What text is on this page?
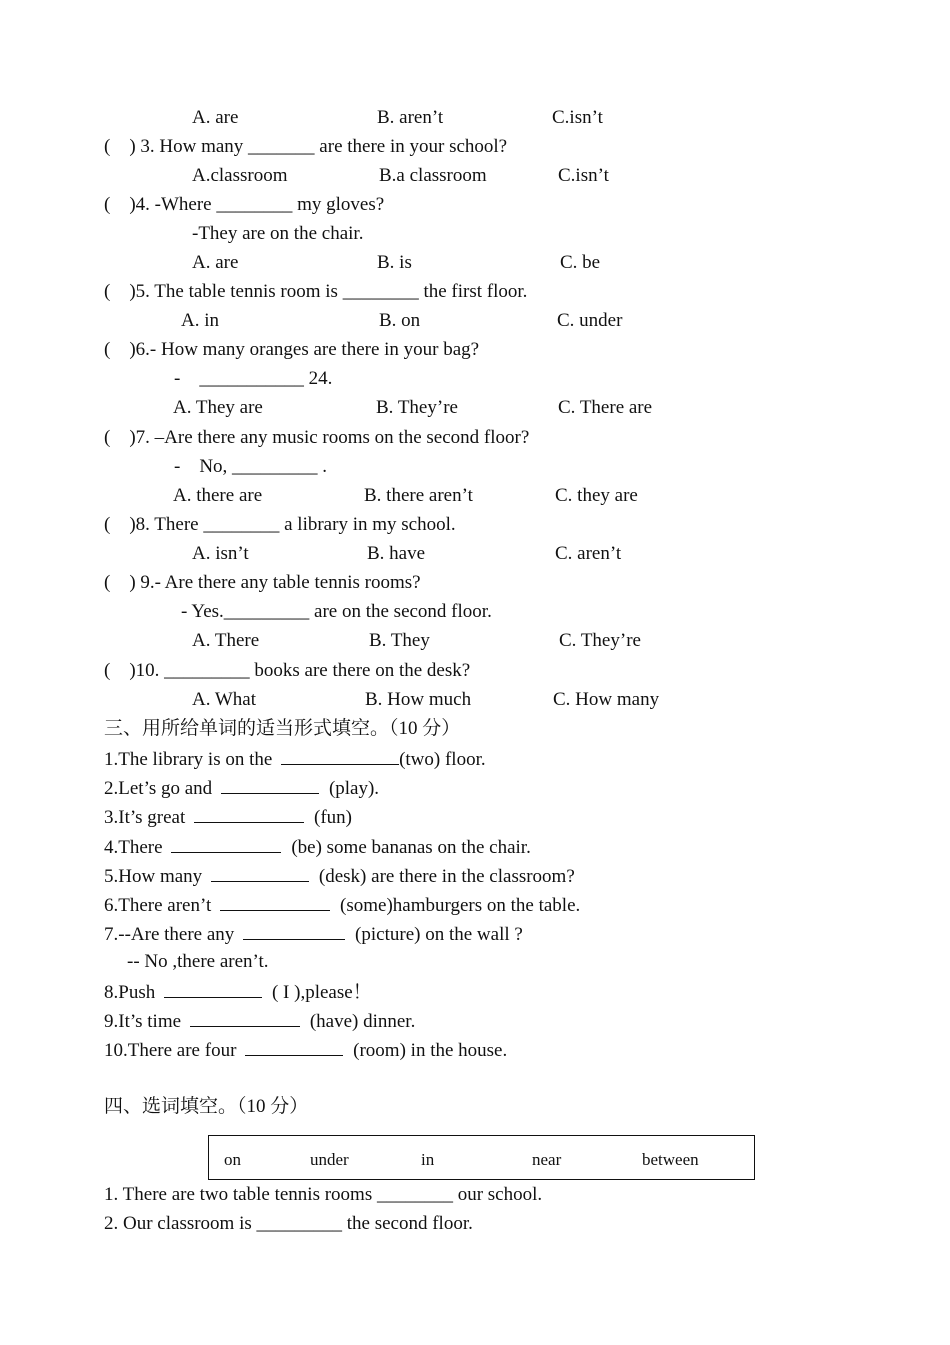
A. are	B. aren’t	C.isn’t
(    ) 3. How many _______ are there in your school?
A.classroom	B.a classroom	C.isn’t
(    )4. -Where ________ my gloves?
-They are on the chair.
A. are	B. is	C. be
(    )5. The table tennis room is ________ the first floor.
A. in	B. on	C. under
(    )6.- How many oranges are there in your bag?
-    ___________ 24.
A. They are	B. They’re	C. There are
(    )7. –Are there any music rooms on the second floor?
-    No, _________ .
A. there are	B. there aren’t	C. they are
(    )8. There ________ a library in my school.
A. isn’t	B. have	C. aren’t
(    ) 9.- Are there any table tennis rooms?
- Yes._________ are on the second floor.
A. There	B. They	C. They’re
(    )10. _________ books are there on the desk?
A. What	B. How much	C. How many
三、用所给单词的适当形式填空。（10 分）
1.The library is on the	(two) floor.
2.Let’s go and	(play).
3.It’s great	(fun)
4.There	(be) some bananas on the chair.
5.How many	(desk) are there in the classroom?
6.There aren’t	(some)hamburgers on the table.
7.--Are there any	(picture) on the wall ?
-- No ,there aren’t.
8.Push	( I ),please！
9.It’s time	(have) dinner.
10.There are four	(room) in the house.
四、选词填空。（10 分）
on	under	in	near	between
1. There are two table tennis rooms ________ our school.
2. Our classroom is _________ the second floor.
